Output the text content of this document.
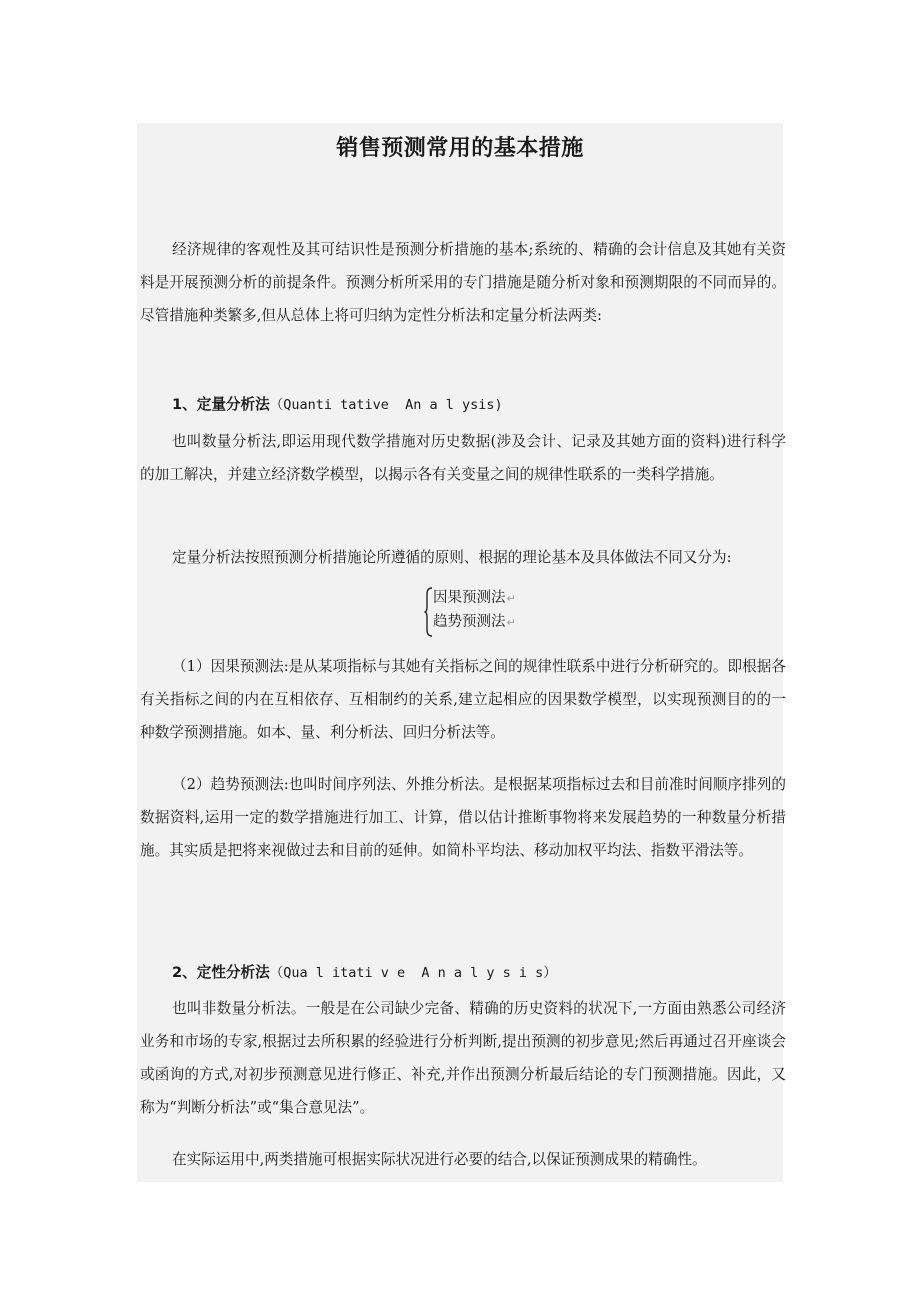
销售预测常用的基本措施

经济规律的客观性及其可结识性是预测分析措施的基本;系统的、精确的会计信息及其她有关资料是开展预测分析的前提条件。预测分析所采用的专门措施是随分析对象和预测期限的不同而异的。尽管措施种类繁多,但从总体上将可归纳为定性分析法和定量分析法两类:

1、定量分析法（Quanti tative  An a l ysis)

也叫数量分析法,即运用现代数学措施对历史数据(涉及会计、记录及其她方面的资料)进行科学的加工解决，并建立经济数学模型，以揭示各有关变量之间的规律性联系的一类科学措施。

定量分析法按照预测分析措施论所遵循的原则、根据的理论基本及具体做法不同又分为:

因果预测法↵
趋势预测法↵

（1）因果预测法:是从某项指标与其她有关指标之间的规律性联系中进行分析研究的。即根据各有关指标之间的内在互相依存、互相制约的关系,建立起相应的因果数学模型，以实现预测目的的一种数学预测措施。如本、量、利分析法、回归分析法等。

（2）趋势预测法:也叫时间序列法、外推分析法。是根据某项指标过去和目前准时间顺序排列的数据资料,运用一定的数学措施进行加工、计算，借以估计推断事物将来发展趋势的一种数量分析措施。其实质是把将来视做过去和目前的延伸。如简朴平均法、移动加权平均法、指数平滑法等。

2、定性分析法（Qua l itati v e  A n a l y s i s）

也叫非数量分析法。一般是在公司缺少完备、精确的历史资料的状况下,一方面由熟悉公司经济业务和市场的专家,根据过去所积累的经验进行分析判断,提出预测的初步意见;然后再通过召开座谈会或函询的方式,对初步预测意见进行修正、补充,并作出预测分析最后结论的专门预测措施。因此，又称为“判断分析法”或“集合意见法”。

在实际运用中,两类措施可根据实际状况进行必要的结合,以保证预测成果的精确性。
